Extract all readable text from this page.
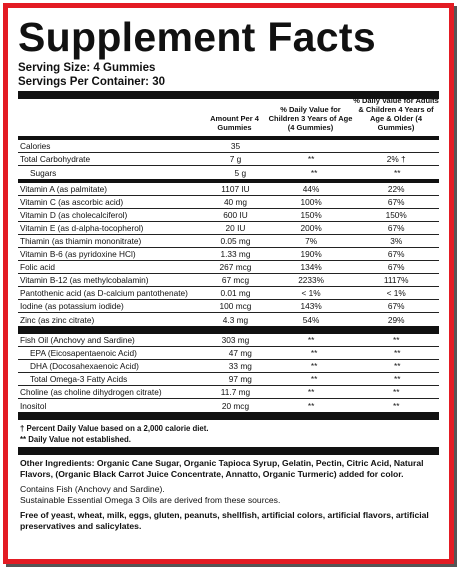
Supplement Facts
Serving Size: 4 Gummies
Servings Per Container: 30
Amount Per 4 Gummies
% Daily Value for Children 3 Years of Age (4 Gummies)
% Daily Value for Adults & Children 4 Years of Age & Older (4 Gummies)
Calories	35
Total Carbohydrate	7 g	**	2% †
Sugars	5 g	**	**
Vitamin A (as palmitate)	1107 IU	44%	22%
Vitamin C (as ascorbic acid)	40 mg	100%	67%
Vitamin D (as cholecalciferol)	600 IU	150%	150%
Vitamin E (as d-alpha-tocopherol)	20 IU	200%	67%
Thiamin (as thiamin mononitrate)	0.05 mg	7%	3%
Vitamin B-6 (as pyridoxine HCl)	1.33 mg	190%	67%
Folic acid	267 mcg	134%	67%
Vitamin B-12 (as methylcobalamin)	67 mcg	2233%	1117%
Pantothenic acid (as D-calcium pantothenate)	0.01 mg	< 1%	< 1%
Iodine (as potassium iodide)	100 mcg	143%	67%
Zinc (as zinc citrate)	4.3 mg	54%	29%
Fish Oil (Anchovy and Sardine)	303 mg	**	**
EPA (Eicosapentaenoic Acid)	47 mg	**	**
DHA (Docosahexaenoic Acid)	33 mg	**	**
Total Omega-3 Fatty Acids	97 mg	**	**
Choline (as choline dihydrogen citrate)	11.7 mg	**	**
Inositol	20 mcg	**	**
† Percent Daily Value based on a 2,000 calorie diet.
** Daily Value not established.

Other Ingredients: Organic Cane Sugar, Organic Tapioca Syrup, Gelatin, Pectin, Citric Acid, Natural Flavors, (Organic Black Carrot Juice Concentrate, Annatto, Organic Turmeric) added for color.

Contains Fish (Anchovy and Sardine).

Sustainable Essential Omega 3 Oils are derived from these sources.

Free of yeast, wheat, milk, eggs, gluten, peanuts, shellfish, artificial colors, artificial flavors, artificial preservatives and salicylates.
